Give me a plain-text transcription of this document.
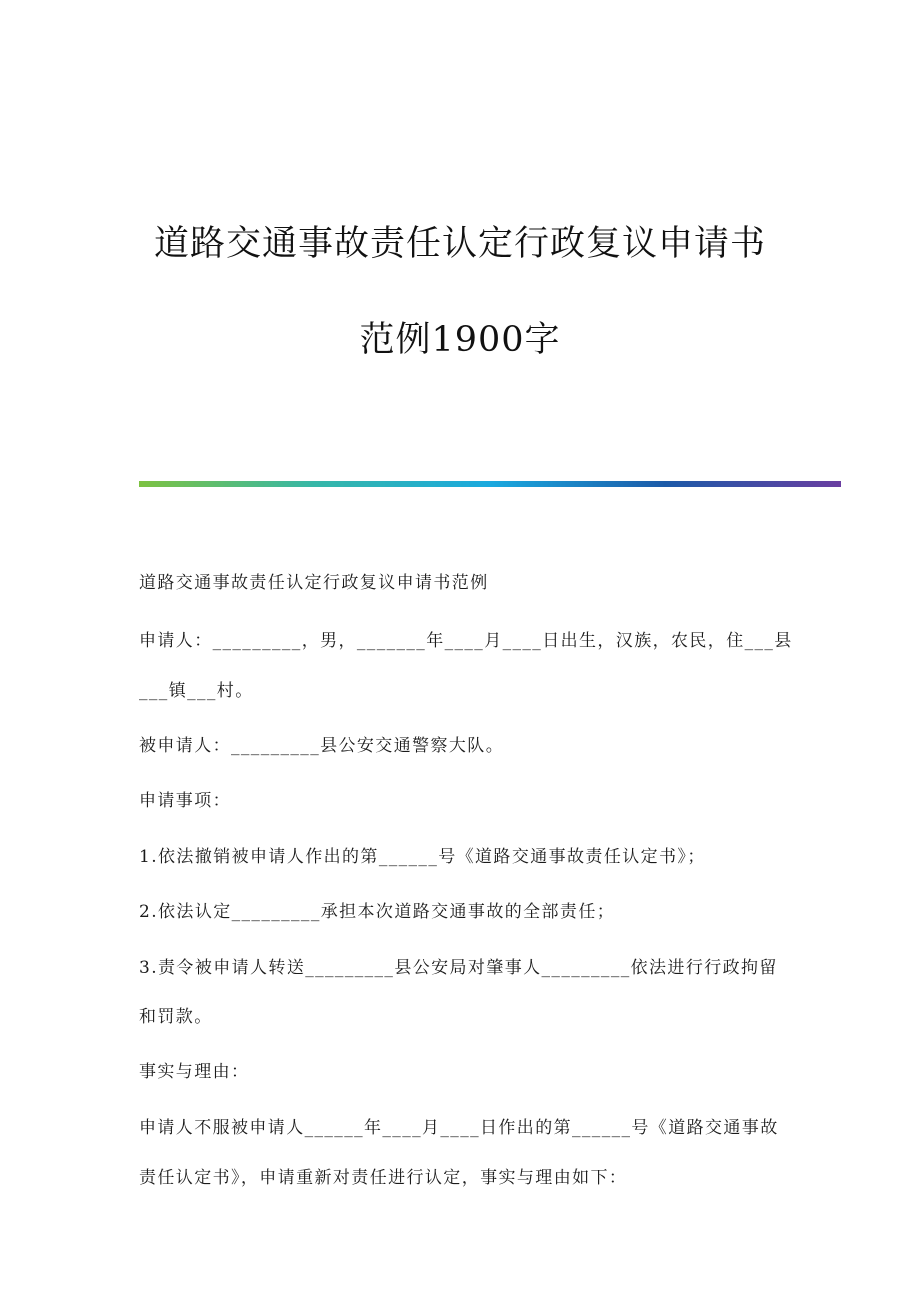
道路交通事故责任认定行政复议申请书
范例1900字
道路交通事故责任认定行政复议申请书范例
申请人：_________，男，_______年____月____日出生，汉族，农民，住___县
___镇___村。
被申请人：_________县公安交通警察大队。
申请事项：
1.依法撤销被申请人作出的第______号《道路交通事故责任认定书》；
2.依法认定_________承担本次道路交通事故的全部责任；
3.责令被申请人转送_________县公安局对肇事人_________依法进行行政拘留
和罚款。
事实与理由：
申请人不服被申请人______年____月____日作出的第______号《道路交通事故
责任认定书》，申请重新对责任进行认定，事实与理由如下：
